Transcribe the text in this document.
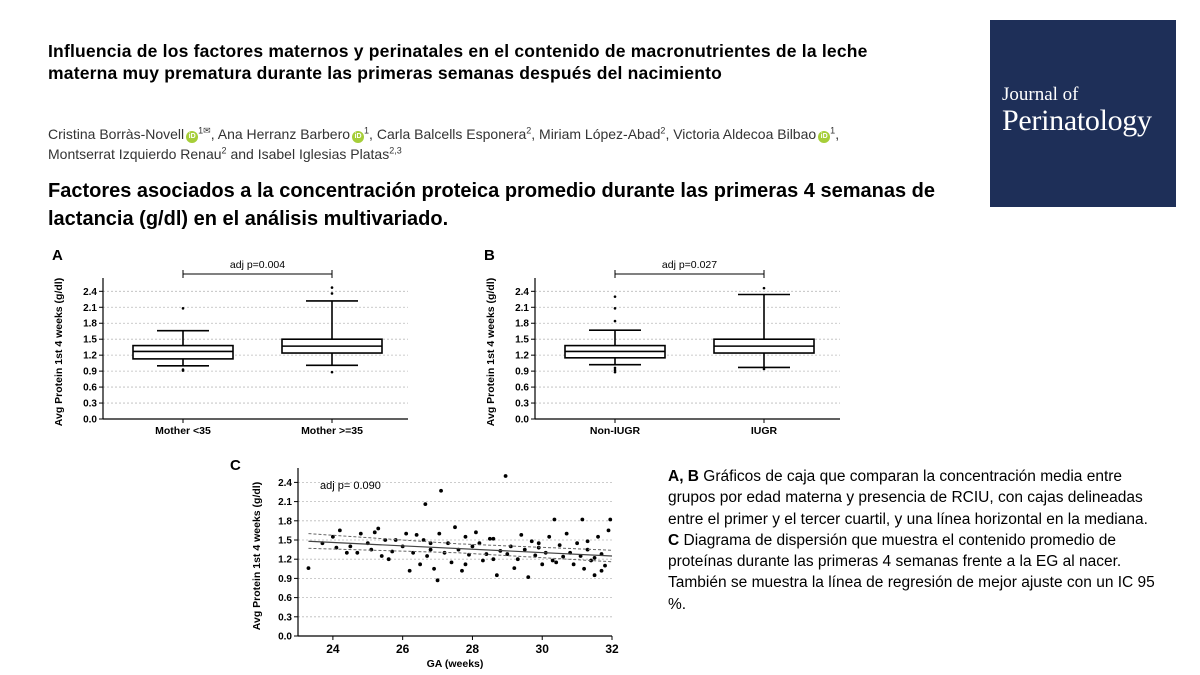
Influencia de los factores maternos y perinatales en el contenido de macronutrientes de la leche materna muy prematura durante las primeras semanas después del nacimiento

Cristina Borràs-Novell $iD^{1✉}$, Ana Herranz Barbero $iD^1$, Carla Balcells Esponera$^2$, Miriam López-Abad$^2$, Victoria Aldecoa Bilbao $iD^1$,
Montserrat Izquierdo Renau$^2$ and Isabel Iglesias Platas$^{2,3}$

Journal of
Perinatology

Factores asociados a la concentración proteica promedio durante las primeras 4 semanas de lactancia (g/dl) en el análisis multivariado.

A
Avg Protein 1st 4 weeks (g/dl) 0.0
0.3
0.6
0.9
1.2
1.5
1.8
2.1
2.4
Mother <35	Mother >=35
adj p=0.004
B
Avg Protein 1st 4 weeks (g/dl) 0.0
0.3
0.6
0.9
1.2
1.5
1.8
2.1
2.4
Non-IUGR	IUGR
adj p=0.027
C
Avg Protein 1st 4 weeks (g/dl)
0.0
0.3
0.6
0.9
1.2
1.5
1.8
2.1
2.4
24	26	28	30	32
GA (weeks)
adj p= 0.090

A, B Gráficos de caja que comparan la concentración media entre grupos por edad materna y presencia de RCIU, con cajas delineadas entre el primer y el tercer cuartil, y una línea horizontal en la mediana.

C Diagrama de dispersión que muestra el contenido promedio de proteínas durante las primeras 4 semanas frente a la EG al nacer. También se muestra la línea de regresión de mejor ajuste con un IC 95 %.
